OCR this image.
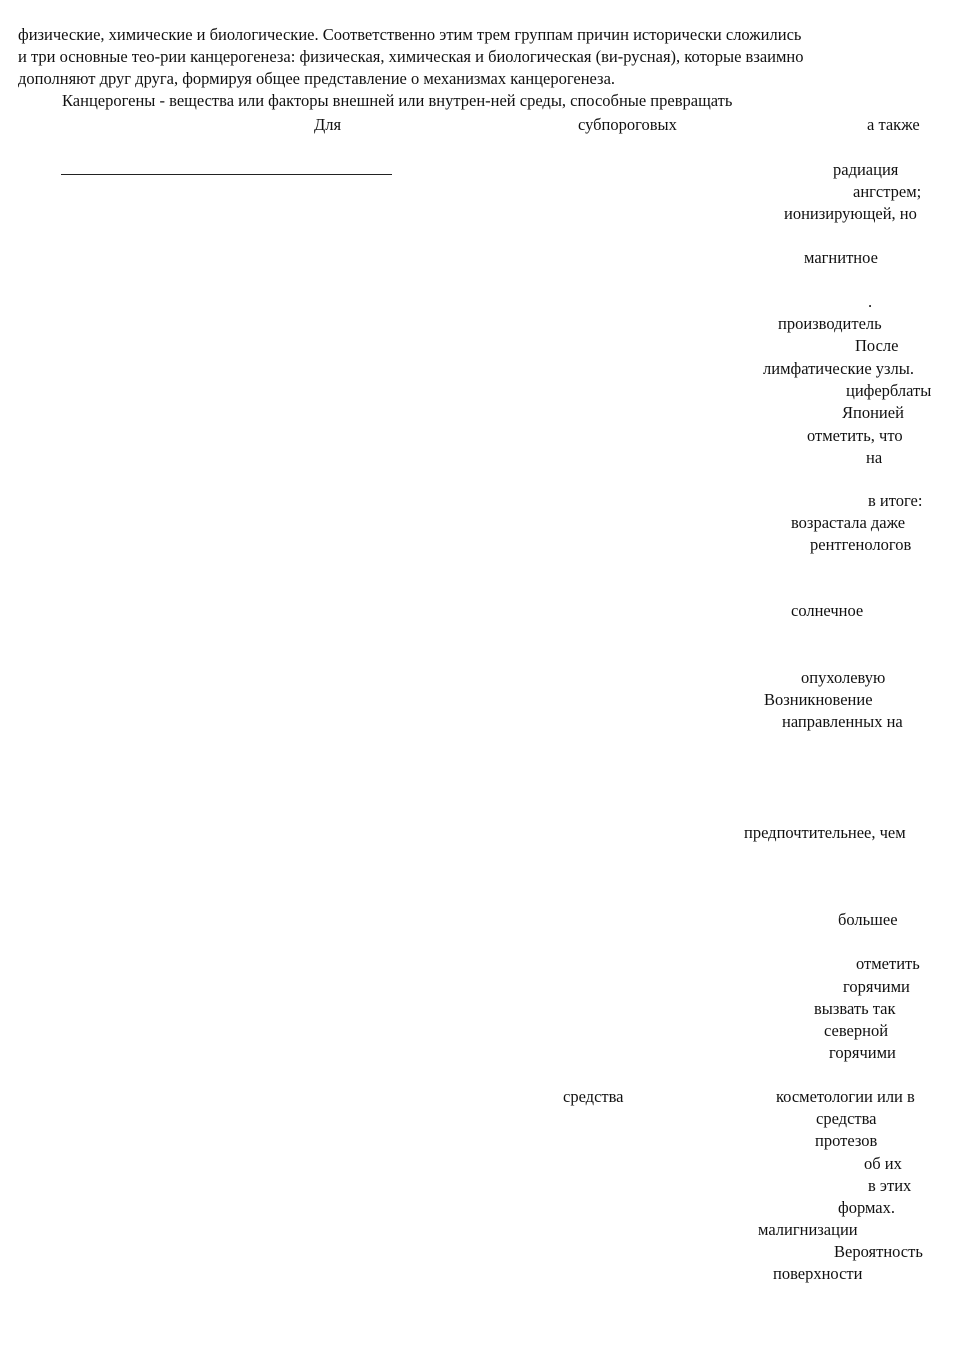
физические, химические и биологические. Соответственно этим трем группам причин исторически сложились
и три основные тео-рии канцерогенеза: физическая, химическая и биологическая (ви-русная), которые взаимно
дополняют друг друга, формируя общее представление о механизмах канцерогенеза.
Канцерогены - вещества или факторы внешней или внутрен-ней среды, способные превращать
Для	субпороговых	а также
радиация
ангстрем;
ионизирующей, но
магнитное
.
производитель
После
лимфатические узлы.
циферблаты
Японией
отметить, что
на
в итоге:
возрастала даже
рентгенологов
солнечное
опухолевую
Возникновение
направленных на
предпочтительнее, чем
большее
отметить
горячими
вызвать так
северной
горячими
средства	косметологии или в
средства
протезов
об их
в этих
формах.
малигнизации
Вероятность
поверхности
